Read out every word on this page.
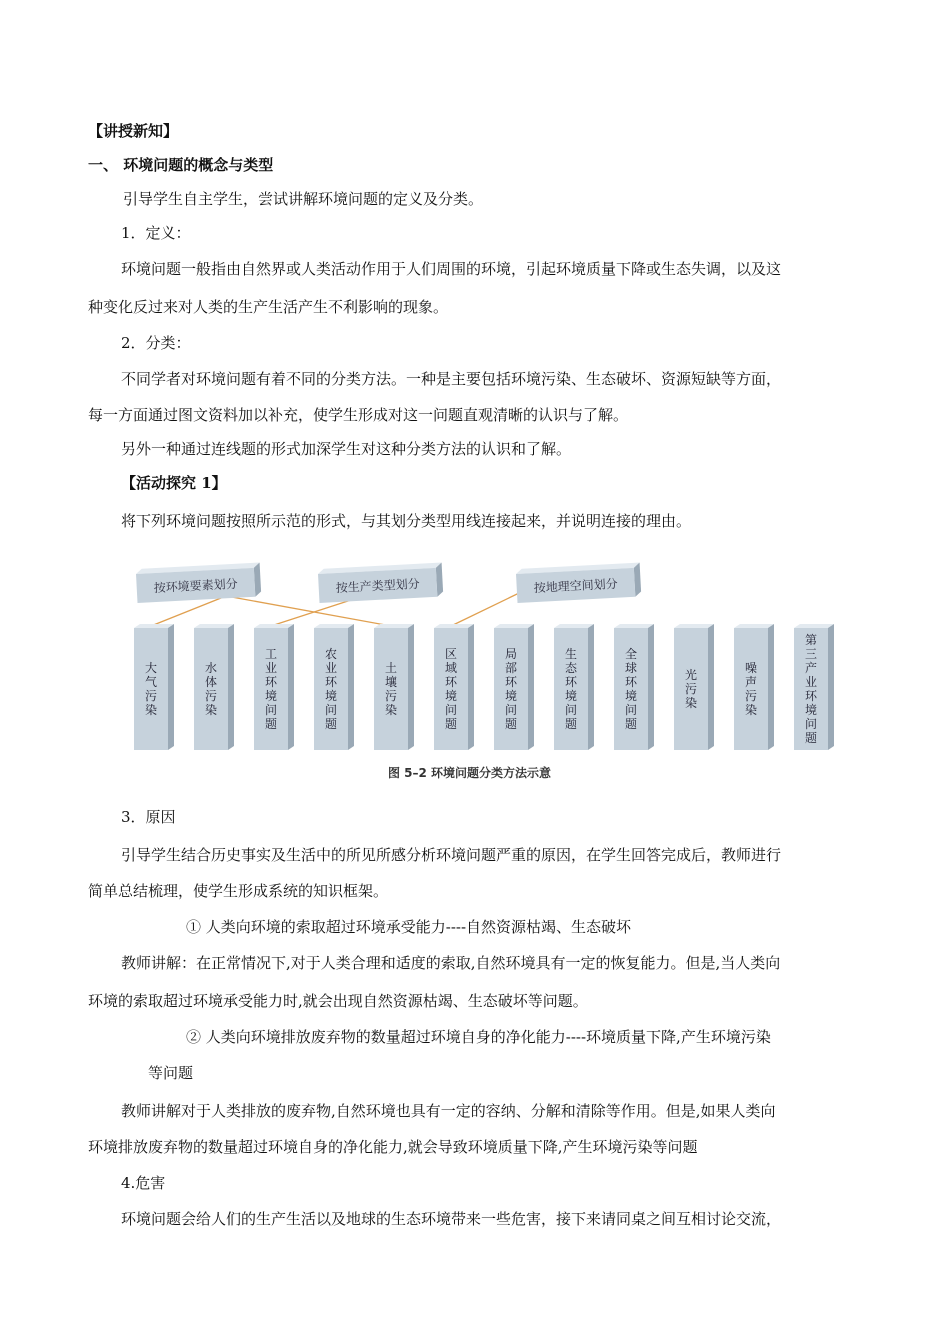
【讲授新知】
一、 环境问题的概念与类型
引导学生自主学生，尝试讲解环境问题的定义及分类。
1．定义：
环境问题一般指由自然界或人类活动作用于人们周围的环境，引起环境质量下降或生态失调，以及这
种变化反过来对人类的生产生活产生不利影响的现象。
2．分类：
不同学者对环境问题有着不同的分类方法。一种是主要包括环境污染、生态破坏、资源短缺等方面，
每一方面通过图文资料加以补充，使学生形成对这一问题直观清晰的认识与了解。
另外一种通过连线题的形式加深学生对这种分类方法的认识和了解。
【活动探究 1】
将下列环境问题按照所示范的形式，与其划分类型用线连接起来，并说明连接的理由。
按环境要素划分	按生产类型划分	按地理空间划分
大气污染
水体污染
工业环境问题
农业环境问题
土壤污染
区域环境问题
局部环境问题
生态环境问题
全球环境问题
光污染
噪声污染
第三产业环境问题
图 5–2 环境问题分类方法示意
3．原因
引导学生结合历史事实及生活中的所见所感分析环境问题严重的原因，在学生回答完成后，教师进行
简单总结梳理，使学生形成系统的知识框架。
① 人类向环境的索取超过环境承受能力----自然资源枯竭、生态破坏
教师讲解：在正常情况下,对于人类合理和适度的索取,自然环境具有一定的恢复能力。但是,当人类向
环境的索取超过环境承受能力时,就会出现自然资源枯竭、生态破坏等问题。
② 人类向环境排放废弃物的数量超过环境自身的净化能力----环境质量下降,产生环境污染
等问题
教师讲解对于人类排放的废弃物,自然环境也具有一定的容纳、分解和清除等作用。但是,如果人类向
环境排放废弃物的数量超过环境自身的净化能力,就会导致环境质量下降,产生环境污染等问题
4.危害
环境问题会给人们的生产生活以及地球的生态环境带来一些危害，接下来请同桌之间互相讨论交流，
